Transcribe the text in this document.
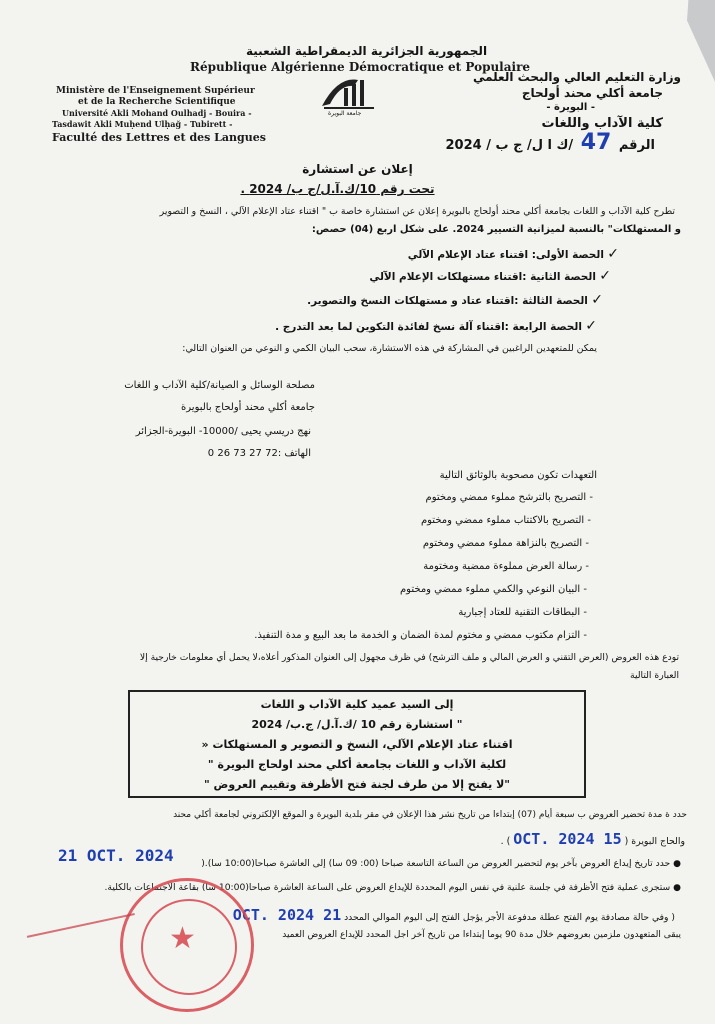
الجمهورية الجزائرية الديمقراطية الشعبية
République Algérienne Démocratique et Populaire
Ministère de l'Enseignement Supérieur
et de la Recherche Scientifique
Université Akli Mohand Oulhadj - Bouira -
Tasdawit Akli Muḥend Ulḥağ - Tubirett -
Faculté des Lettres et des Langues
وزارة التعليم العالي والبحث العلمي
جامعة أكلي محند أولحاج
- البويرة -
كلية الآداب واللغات
جامعة البويرة
الرقم 47 /ك ا ل/ ج ب / 2024
إعلان عن استشارة
تحت رقم 10/ك.آ.ل/ج ب/ 2024 .
تطرح كلية الآداب و اللغات بجامعة أكلي محند أولحاج بالبويرة إعلان عن استشارة خاصة ب " اقتناء عتاد الإعلام الآلي ، النسخ و التصوير
و المستهلكات" بالنسبة لميزانية التسيير 2024. على شكل اربع (04) حصص:
✓ الحصة الأولى: اقتناء عتاد الإعلام الآلي
✓ الحصة الثانية :اقتناء مستهلكات الإعلام الآلي
✓ الحصة الثالثة :اقتناء عتاد و مستهلكات النسخ والتصوير.
✓ الحصة الرابعة :اقتناء آلة نسخ لفائدة التكوين لما بعد التدرج .
يمكن للمتعهدين الراغبين في المشاركة في هذه الاستشارة، سحب البيان الكمي و النوعي من العنوان التالي:
مصلحة الوسائل و الصيانة/كلية الآداب و اللغات
جامعة أكلي محند أولحاج بالبويرة
نهج دريسي يحيى /10000- البويرة-الجزائر
الهاتف :72 27 73 26 0
التعهدات تكون مصحوبة بالوثائق التالية
- التصريح بالترشح مملوء ممضي ومختوم
- التصريح بالاكتتاب مملوء ممضي ومختوم
- التصريح بالنزاهة مملوء ممضي ومختوم
- رسالة العرض مملوءة ممضية ومختومة
- البيان النوعي والكمي مملوء ممضي ومختوم
- البطاقات التقنية للعتاد إجبارية
- التزام مكتوب ممضي و مختوم لمدة الضمان و الخدمة ما بعد البيع و مدة التنفيذ.
تودع هذه العروض (العرض التقني و العرض المالي و ملف الترشح) في ظرف مجهول إلى العنوان المذكور أعلاه،لا يحمل أي معلومات خارجية إلا
العبارة التالية
إلى السيد عميد كلية الآداب و اللغات
" استشارة رقم 10 /ك.آ.ل/ ج.ب/ 2024
اقتناء عتاد الإعلام الآلي، النسخ و التصوير و المستهلكات «
لكلية الآداب و اللغات بجامعة أكلي محند اولحاج البويرة "
"لا يفتح إلا من طرف لجنة فتح الأظرفة وتقييم العروض "
حدد ة مدة تحضير العروض ب سبعة أيام (07) إبتداءا من تاريخ نشر هذا الإعلان في مقر بلدية البويرة و الموقع الإلكتروني لجامعة أكلي محند
والحاج البويرة ( 15 OCT. 2024 ) .
21 OCT. 2024	● حدد تاريخ إيداع العروض بآخر يوم لتحضير العروض من الساعة التاسعة صباحا (00: 09 سا) إلى العاشرة صباحا(10:00 سا).(
● ستجرى عملية فتح الأظرفة في جلسة علنية في نفس اليوم المحددة للإيداع العروض على الساعة العاشرة صباحا(10:00 سا) بقاعة الاجتماعات بالكلية.
( وفي حالة مصادفة يوم الفتح عطلة مدفوعة الأجر يؤجل الفتح إلى اليوم الموالي المحدد 21 OCT. 2024
يبقى المتعهدون ملزمين بعروضهم خلال مدة 90 يوما إبتداءا من تاريخ آخر اجل المحدد للإيداع العروض العميد
★
